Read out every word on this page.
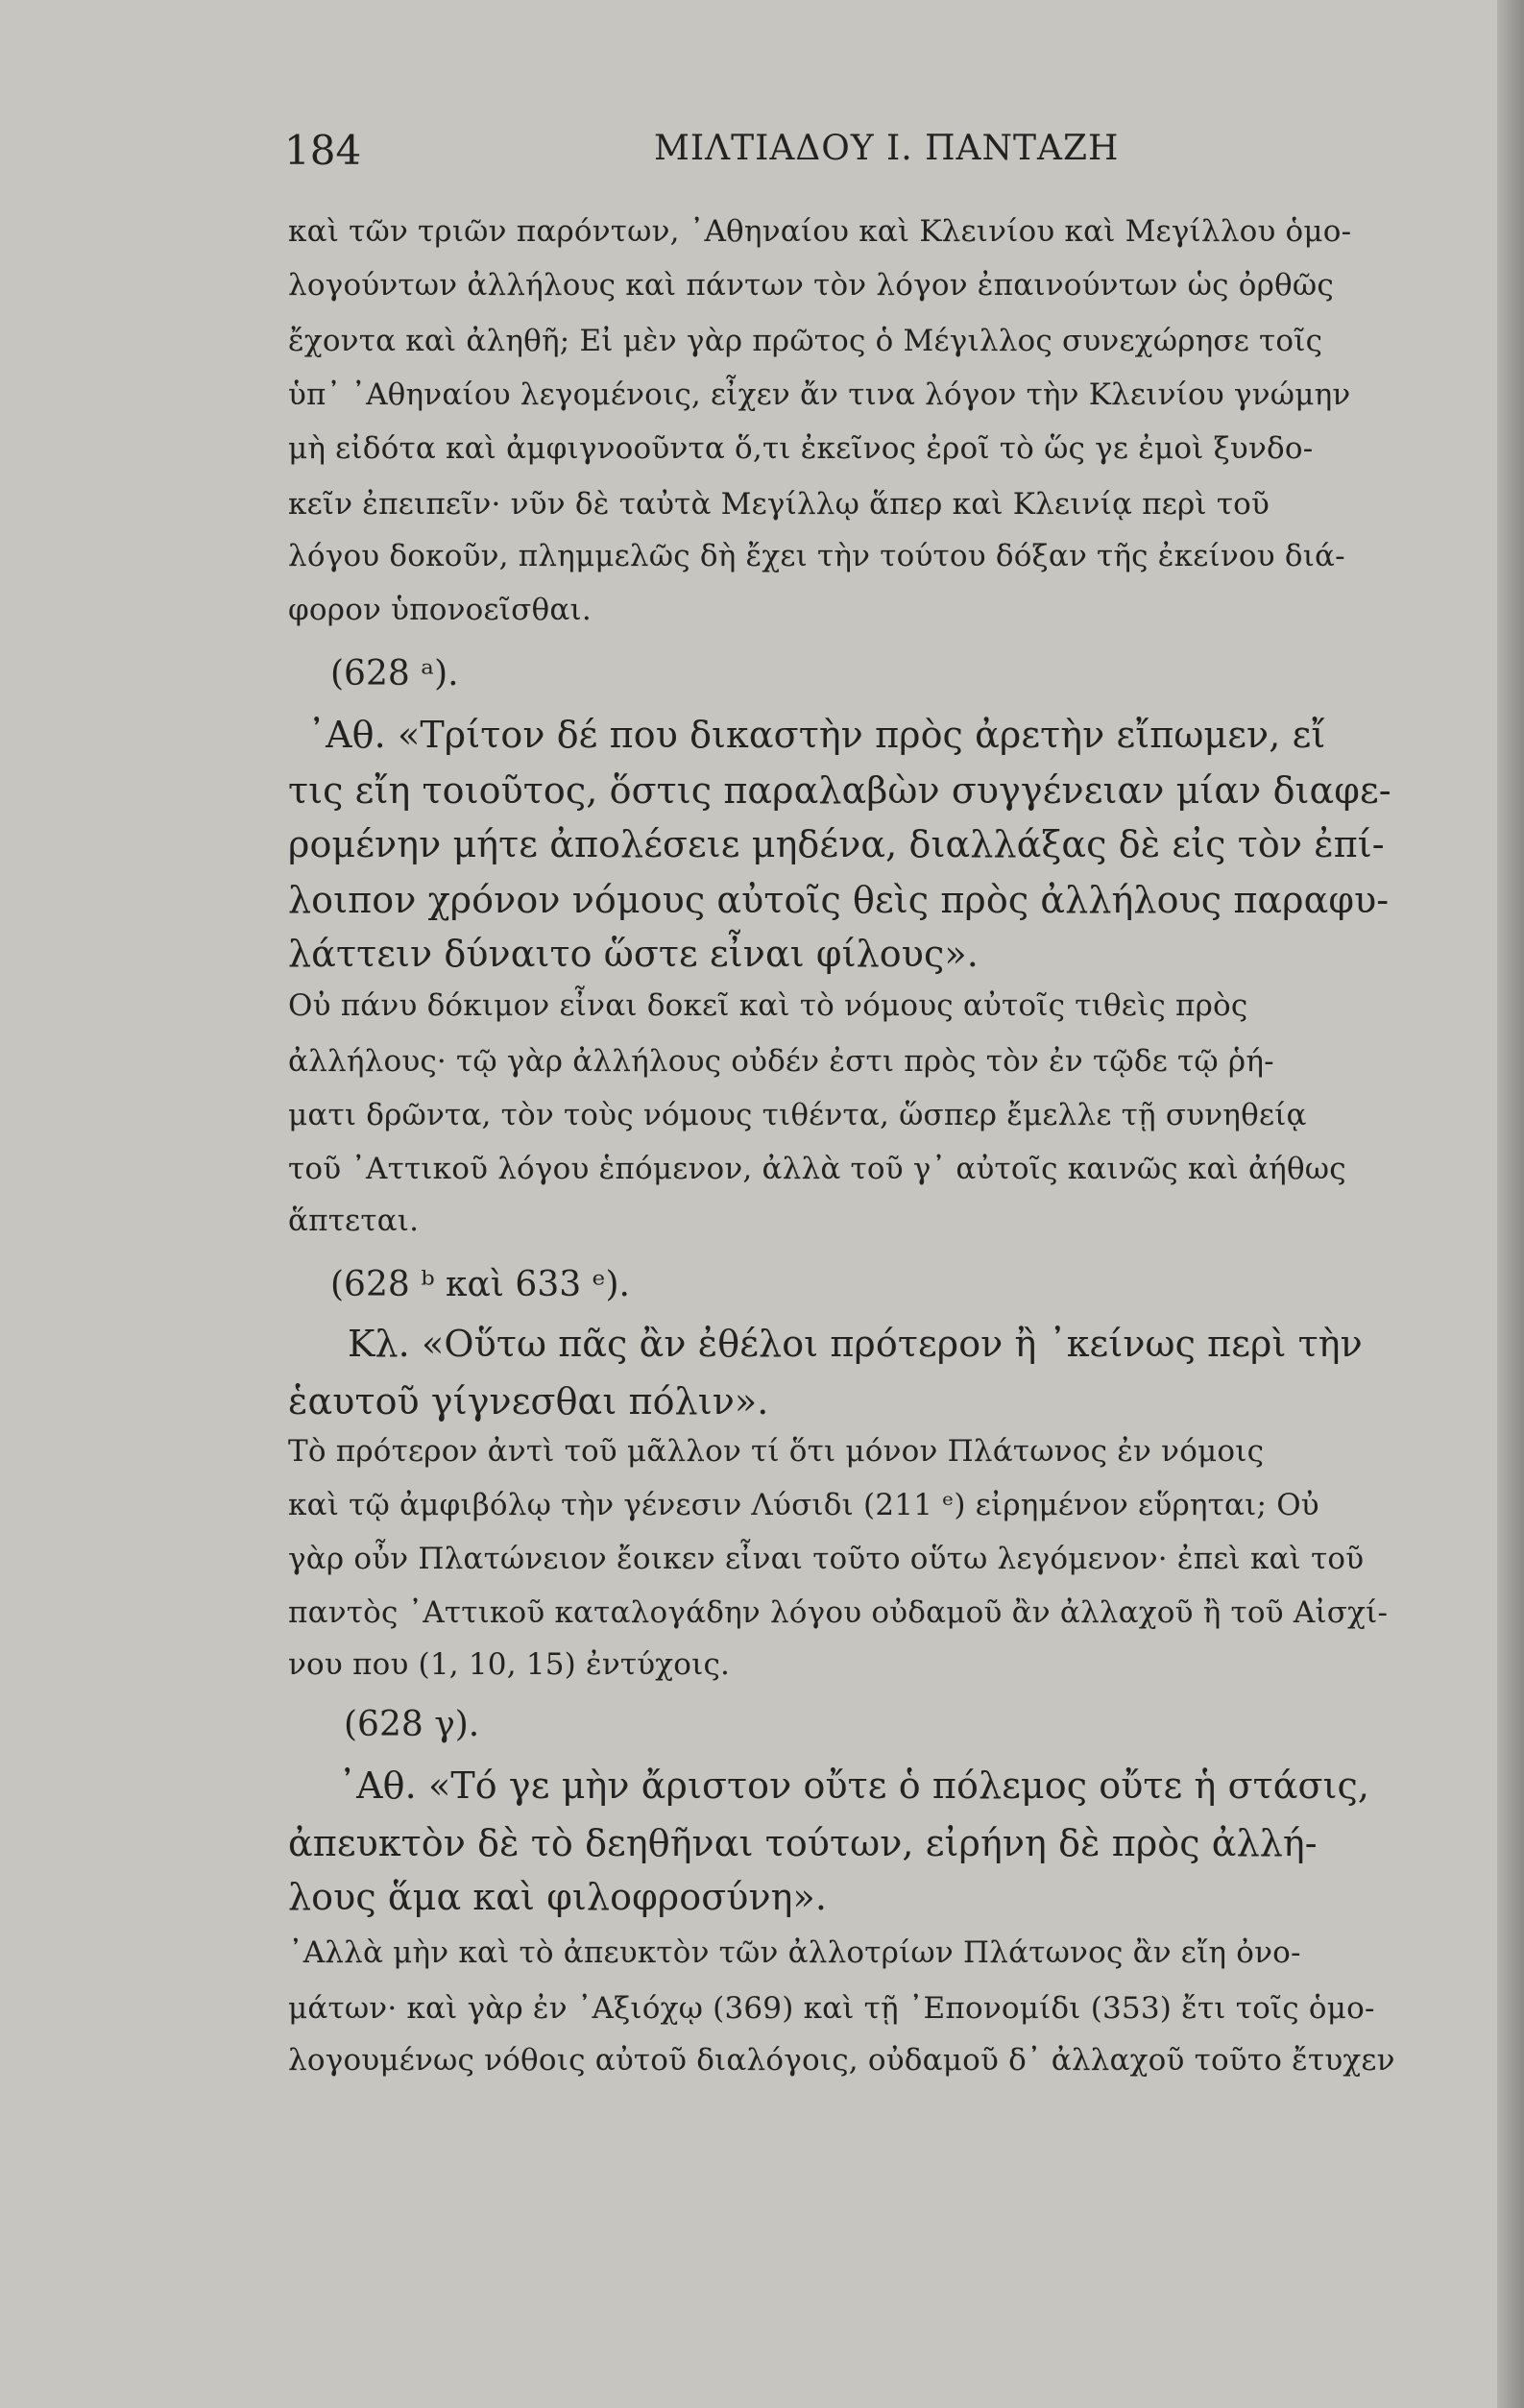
184	ΜΙΛΤΙΑΔΟΥ Ι. ΠΑΝΤΑΖΗ
καὶ τῶν τριῶν παρόντων, ᾿Αθηναίου καὶ Κλεινίου καὶ Μεγίλλου ὁμο-
λογούντων ἀλλήλους καὶ πάντων τὸν λόγον ἐπαινούντων ὡς ὀρθῶς
ἔχοντα καὶ ἀληθῆ; Εἰ μὲν γὰρ πρῶτος ὁ Μέγιλλος συνεχώρησε τοῖς
ὑπ᾿ ᾿Αθηναίου λεγομένοις, εἶχεν ἄν τινα λόγον τὴν Κλεινίου γνώμην
μὴ εἰδότα καὶ ἀμφιγνοοῦντα ὅ,τι ἐκεῖνος ἐροῖ τὸ ὥς γε ἐμοὶ ξυνδο-
κεῖν ἐπειπεῖν· νῦν δὲ ταὐτὰ Μεγίλλῳ ἅπερ καὶ Κλεινίᾳ περὶ τοῦ
λόγου δοκοῦν, πλημμελῶς δὴ ἔχει τὴν τούτου δόξαν τῆς ἐκείνου διά-
φορον ὑπονοεῖσθαι.
(628 ᵃ).
᾿Αθ. «Τρίτον δέ που δικαστὴν πρὸς ἀρετὴν εἴπωμεν, εἴ
τις εἴη τοιοῦτος, ὅστις παραλαβὼν συγγένειαν μίαν διαφε-
ρομένην μήτε ἀπολέσειε μηδένα, διαλλάξας δὲ εἰς τὸν ἐπί-
λοιπον χρόνον νόμους αὐτοῖς θεὶς πρὸς ἀλλήλους παραφυ-
λάττειν δύναιτο ὥστε εἶναι φίλους».
Οὐ πάνυ δόκιμον εἶναι δοκεῖ καὶ τὸ νόμους αὐτοῖς τιθεὶς πρὸς
ἀλλήλους· τῷ γὰρ ἀλλήλους οὐδέν ἐστι πρὸς τὸν ἐν τῷδε τῷ ῥή-
ματι δρῶντα, τὸν τοὺς νόμους τιθέντα, ὥσπερ ἔμελλε τῇ συνηθείᾳ
τοῦ ᾿Αττικοῦ λόγου ἑπόμενον, ἀλλὰ τοῦ γ᾿ αὐτοῖς καινῶς καὶ ἀήθως
ἅπτεται.
(628 ᵇ καὶ 633 ᵉ).
Κλ. «Οὕτω πᾶς ἂν ἐθέλοι πρότερον ἢ ᾿κείνως περὶ τὴν
ἑαυτοῦ γίγνεσθαι πόλιν».
Τὸ πρότερον ἀντὶ τοῦ μᾶλλον τί ὅτι μόνον Πλάτωνος ἐν νόμοις
καὶ τῷ ἀμφιβόλῳ τὴν γένεσιν Λύσιδι (211 ᵉ) εἰρημένον εὕρηται; Οὐ
γὰρ οὖν Πλατώνειον ἔοικεν εἶναι τοῦτο οὕτω λεγόμενον· ἐπεὶ καὶ τοῦ
παντὸς ᾿Αττικοῦ καταλογάδην λόγου οὐδαμοῦ ἂν ἀλλαχοῦ ἢ τοῦ Αἰσχί-
νου που (1, 10, 15) ἐντύχοις.
(628 γ).
᾿Αθ. «Τό γε μὴν ἄριστον οὔτε ὁ πόλεμος οὔτε ἡ στάσις,
ἀπευκτὸν δὲ τὸ δεηθῆναι τούτων, εἰρήνη δὲ πρὸς ἀλλή-
λους ἅμα καὶ φιλοφροσύνη».
᾿Αλλὰ μὴν καὶ τὸ ἀπευκτὸν τῶν ἀλλοτρίων Πλάτωνος ἂν εἴη ὀνο-
μάτων· καὶ γὰρ ἐν ᾿Αξιόχῳ (369) καὶ τῇ ᾿Επονομίδι (353) ἔτι τοῖς ὁμο-
λογουμένως νόθοις αὐτοῦ διαλόγοις, οὐδαμοῦ δ᾿ ἀλλαχοῦ τοῦτο ἔτυχεν
